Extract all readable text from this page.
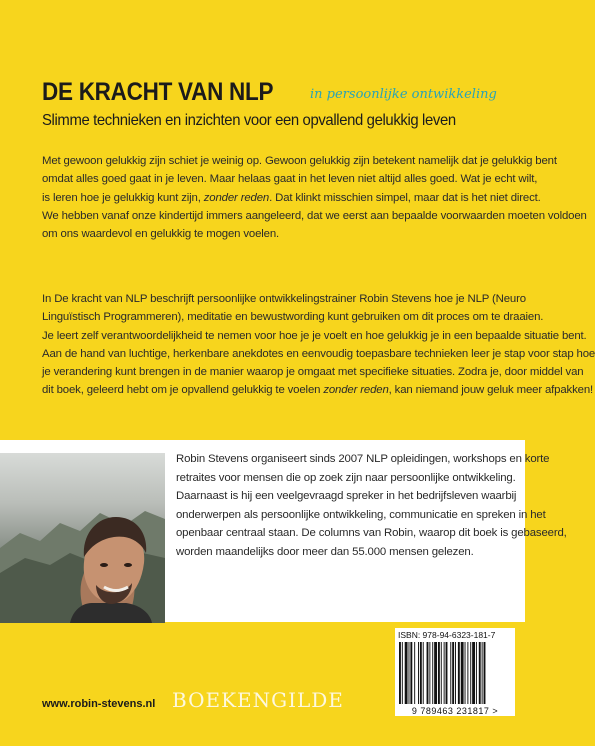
DE KRACHT VAN NLP	in persoonlijke ontwikkeling
Slimme technieken en inzichten voor een opvallend gelukkig leven
Met gewoon gelukkig zijn schiet je weinig op. Gewoon gelukkig zijn betekent namelijk dat je gelukkig bent
omdat alles goed gaat in je leven. Maar helaas gaat in het leven niet altijd alles goed. Wat je echt wilt,
is leren hoe je gelukkig kunt zijn, zonder reden. Dat klinkt misschien simpel, maar dat is het niet direct.
We hebben vanaf onze kindertijd immers aangeleerd, dat we eerst aan bepaalde voorwaarden moeten voldoen
om ons waardevol en gelukkig te mogen voelen.
In De kracht van NLP beschrijft persoonlijke ontwikkelingstrainer Robin Stevens hoe je NLP (Neuro
Linguïstisch Programmeren), meditatie en bewustwording kunt gebruiken om dit proces om te draaien.
Je leert zelf verantwoordelijkheid te nemen voor hoe je je voelt en hoe gelukkig je in een bepaalde situatie bent.
Aan de hand van luchtige, herkenbare anekdotes en eenvoudig toepasbare technieken leer je stap voor stap hoe
je verandering kunt brengen in de manier waarop je omgaat met specifieke situaties. Zodra je, door middel van
dit boek, geleerd hebt om je opvallend gelukkig te voelen zonder reden, kan niemand jouw geluk meer afpakken!
Robin Stevens organiseert sinds 2007 NLP opleidingen, workshops en korte
retraites voor mensen die op zoek zijn naar persoonlijke ontwikkeling.
Daarnaast is hij een veelgevraagd spreker in het bedrijfsleven waarbij
onderwerpen als persoonlijke ontwikkeling, communicatie en spreken in het
openbaar centraal staan. De columns van Robin, waarop dit boek is gebaseerd,
worden maandelijks door meer dan 55.000 mensen gelezen.
ISBN: 978-94-6323-181-7
9 789463 231817 >
www.robin-stevens.nl BOEKENGILDE
